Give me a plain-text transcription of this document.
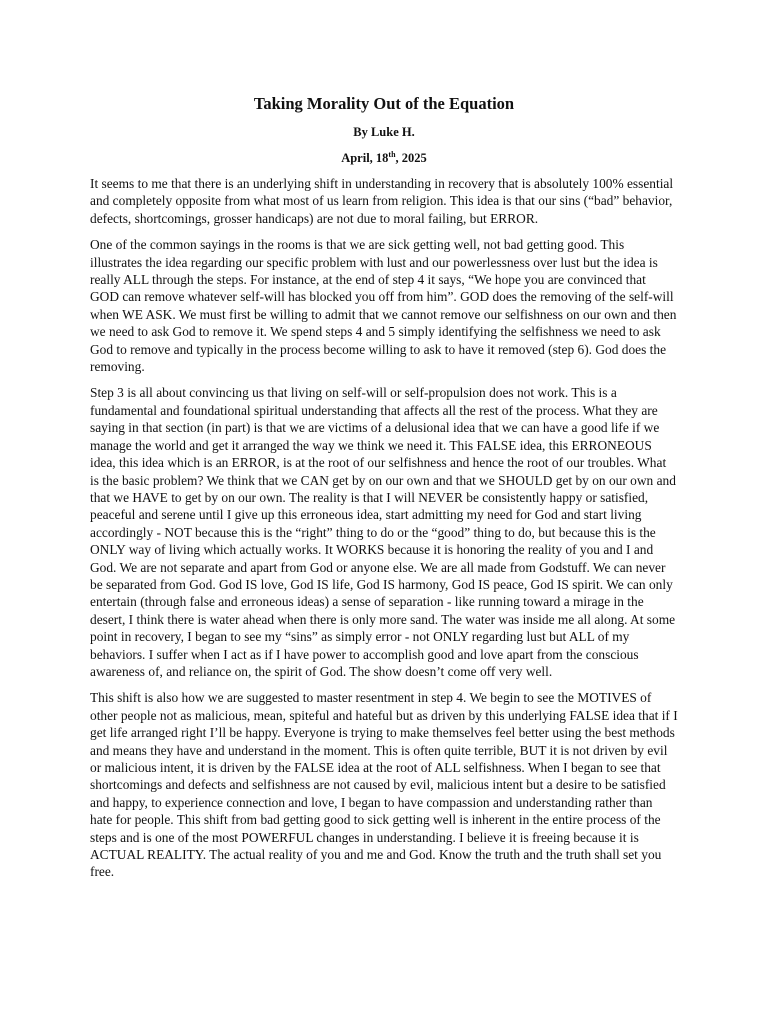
Taking Morality Out of the Equation
By Luke H.
April, 18th, 2025

It seems to me that there is an underlying shift in understanding in recovery that is absolutely 100% essential and completely opposite from what most of us learn from religion. This idea is that our sins (“bad” behavior, defects, shortcomings, grosser handicaps) are not due to moral failing, but ERROR.

One of the common sayings in the rooms is that we are sick getting well, not bad getting good. This illustrates the idea regarding our specific problem with lust and our powerlessness over lust but the idea is really ALL through the steps. For instance, at the end of step 4 it says, “We hope you are convinced that GOD can remove whatever self-will has blocked you off from him”. GOD does the removing of the self-will when WE ASK. We must first be willing to admit that we cannot remove our selfishness on our own and then we need to ask God to remove it. We spend steps 4 and 5 simply identifying the selfishness we need to ask God to remove and typically in the process become willing to ask to have it removed (step 6). God does the removing.

Step 3 is all about convincing us that living on self-will or self-propulsion does not work. This is a fundamental and foundational spiritual understanding that affects all the rest of the process. What they are saying in that section (in part) is that we are victims of a delusional idea that we can have a good life if we manage the world and get it arranged the way we think we need it. This FALSE idea, this ERRONEOUS idea, this idea which is an ERROR, is at the root of our selfishness and hence the root of our troubles. What is the basic problem? We think that we CAN get by on our own and that we SHOULD get by on our own and that we HAVE to get by on our own. The reality is that I will NEVER be consistently happy or satisfied, peaceful and serene until I give up this erroneous idea, start admitting my need for God and start living accordingly - NOT because this is the “right” thing to do or the “good” thing to do, but because this is the ONLY way of living which actually works. It WORKS because it is honoring the reality of you and I and God. We are not separate and apart from God or anyone else. We are all made from Godstuff. We can never be separated from God. God IS love, God IS life, God IS harmony, God IS peace, God IS spirit. We can only entertain (through false and erroneous ideas) a sense of separation - like running toward a mirage in the desert, I think there is water ahead when there is only more sand. The water was inside me all along. At some point in recovery, I began to see my “sins” as simply error - not ONLY regarding lust but ALL of my behaviors. I suffer when I act as if I have power to accomplish good and love apart from the conscious awareness of, and reliance on, the spirit of God. The show doesn’t come off very well.

This shift is also how we are suggested to master resentment in step 4. We begin to see the MOTIVES of other people not as malicious, mean, spiteful and hateful but as driven by this underlying FALSE idea that if I get life arranged right I’ll be happy. Everyone is trying to make themselves feel better using the best methods and means they have and understand in the moment. This is often quite terrible, BUT it is not driven by evil or malicious intent, it is driven by the FALSE idea at the root of ALL selfishness. When I began to see that shortcomings and defects and selfishness are not caused by evil, malicious intent but a desire to be satisfied and happy, to experience connection and love, I began to have compassion and understanding rather than hate for people. This shift from bad getting good to sick getting well is inherent in the entire process of the steps and is one of the most POWERFUL changes in understanding. I believe it is freeing because it is ACTUAL REALITY. The actual reality of you and me and God. Know the truth and the truth shall set you free.
